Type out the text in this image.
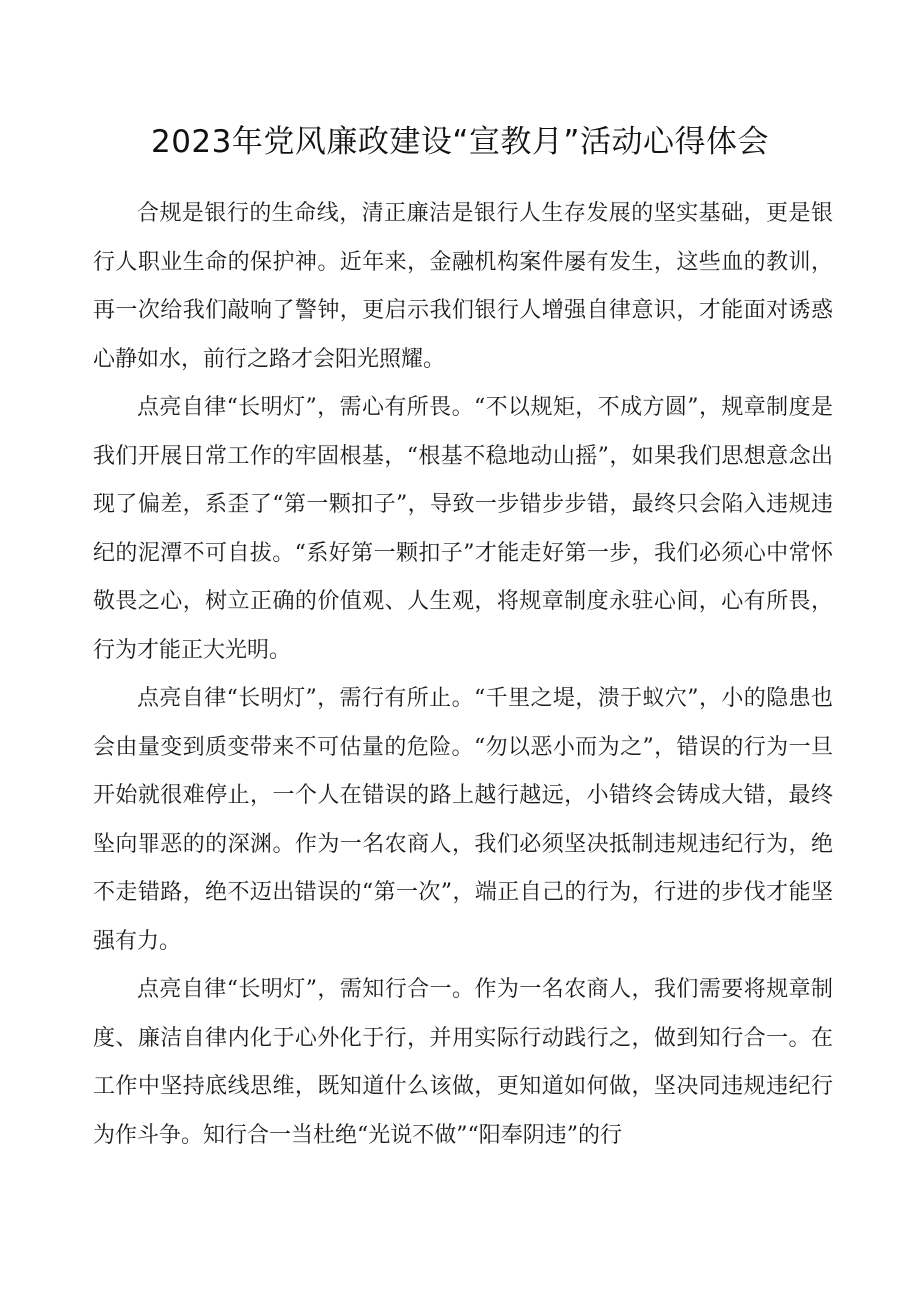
2023年党风廉政建设“宣教月”活动心得体会

合规是银行的生命线，清正廉洁是银行人生存发展的坚实基础，更是银行人职业生命的保护神。近年来，金融机构案件屡有发生，这些血的教训，再一次给我们敲响了警钟，更启示我们银行人增强自律意识，才能面对诱惑心静如水，前行之路才会阳光照耀。

点亮自律“长明灯”，需心有所畏。“不以规矩，不成方圆”，规章制度是我们开展日常工作的牢固根基，“根基不稳地动山摇”，如果我们思想意念出现了偏差，系歪了“第一颗扣子”，导致一步错步步错，最终只会陷入违规违纪的泥潭不可自拔。“系好第一颗扣子”才能走好第一步，我们必须心中常怀敬畏之心，树立正确的价值观、人生观，将规章制度永驻心间，心有所畏，行为才能正大光明。

点亮自律“长明灯”，需行有所止。“千里之堤，溃于蚁穴”，小的隐患也会由量变到质变带来不可估量的危险。“勿以恶小而为之”，错误的行为一旦开始就很难停止，一个人在错误的路上越行越远，小错终会铸成大错，最终坠向罪恶的的深渊。作为一名农商人，我们必须坚决抵制违规违纪行为，绝不走错路，绝不迈出错误的“第一次”，端正自己的行为，行进的步伐才能坚强有力。

点亮自律“长明灯”，需知行合一。作为一名农商人，我们需要将规章制度、廉洁自律内化于心外化于行，并用实际行动践行之，做到知行合一。在工作中坚持底线思维，既知道什么该做，更知道如何做，坚决同违规违纪行为作斗争。知行合一当杜绝“光说不做”“阳奉阴违”的行
